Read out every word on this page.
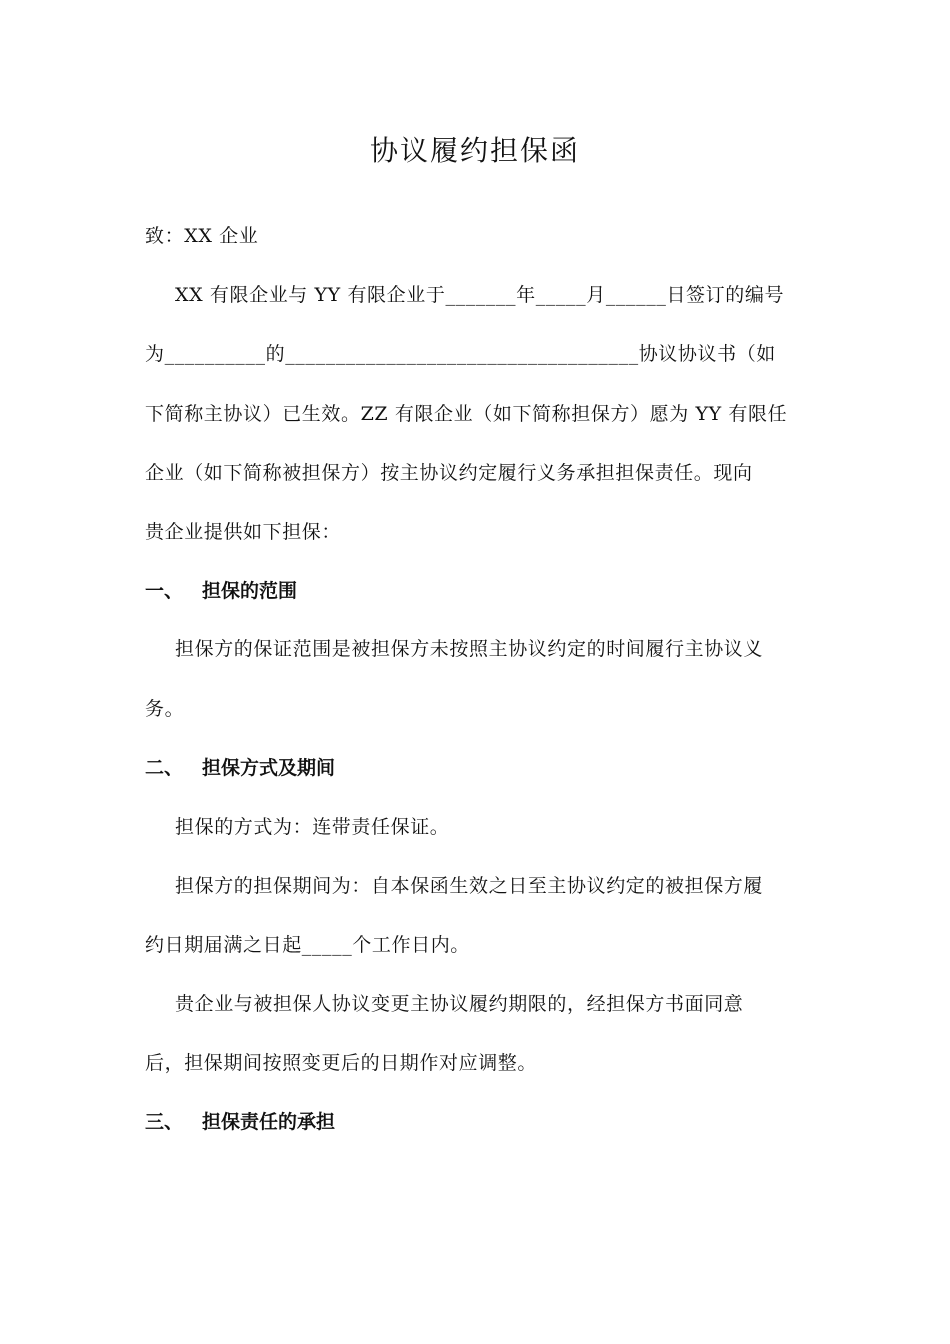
协议履约担保函
致：XX 企业
XX 有限企业与 YY 有限企业于_______年_____月______日签订的编号
为__________的___________________________________协议协议书（如
下简称主协议）已生效。ZZ 有限企业（如下简称担保方）愿为 YY 有限任
企业（如下简称被担保方）按主协议约定履行义务承担担保责任。现向
贵企业提供如下担保：
一、 担保的范围
担保方的保证范围是被担保方未按照主协议约定的时间履行主协议义
务。
二、 担保方式及期间
担保的方式为：连带责任保证。
担保方的担保期间为：自本保函生效之日至主协议约定的被担保方履
约日期届满之日起_____个工作日内。
贵企业与被担保人协议变更主协议履约期限的，经担保方书面同意
后，担保期间按照变更后的日期作对应调整。
三、 担保责任的承担
